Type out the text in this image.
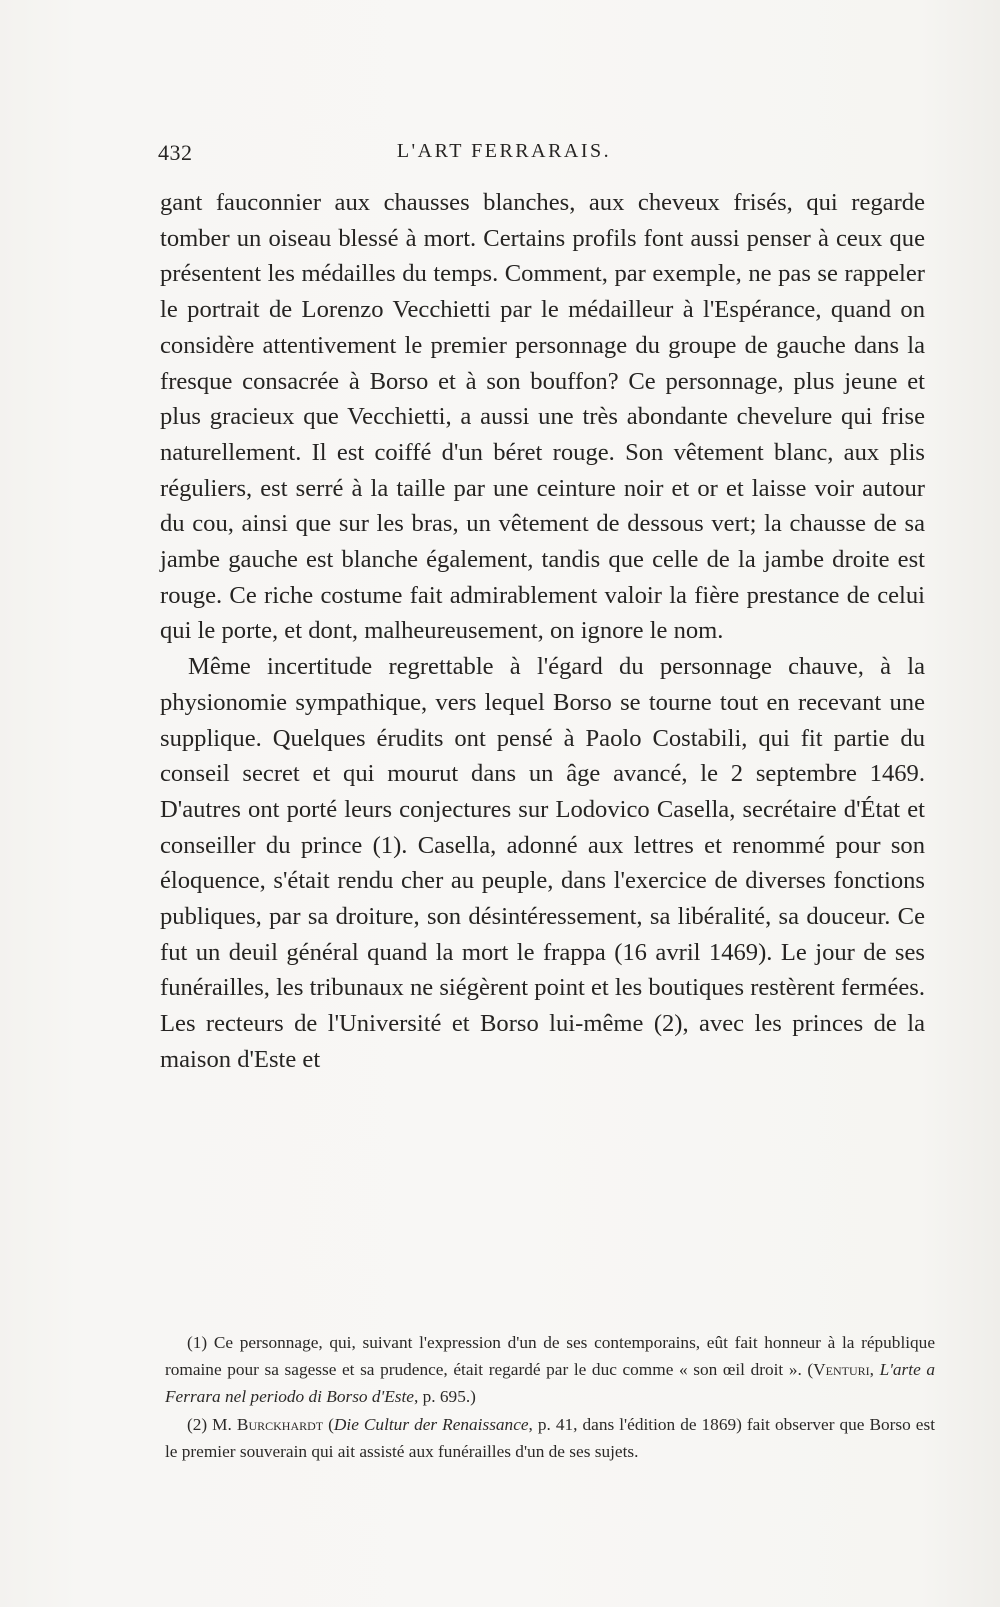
432	L'ART FERRARAIS.

gant fauconnier aux chausses blanches, aux cheveux frisés, qui regarde tomber un oiseau blessé à mort. Certains profils font aussi penser à ceux que présentent les médailles du temps. Comment, par exemple, ne pas se rappeler le portrait de Lorenzo Vecchietti par le médailleur à l'Espérance, quand on considère attentivement le premier personnage du groupe de gauche dans la fresque consacrée à Borso et à son bouffon? Ce personnage, plus jeune et plus gracieux que Vecchietti, a aussi une très abondante chevelure qui frise naturellement. Il est coiffé d'un béret rouge. Son vêtement blanc, aux plis réguliers, est serré à la taille par une ceinture noir et or et laisse voir autour du cou, ainsi que sur les bras, un vêtement de dessous vert; la chausse de sa jambe gauche est blanche également, tandis que celle de la jambe droite est rouge. Ce riche costume fait admirablement valoir la fière prestance de celui qui le porte, et dont, malheureusement, on ignore le nom.

Même incertitude regrettable à l'égard du personnage chauve, à la physionomie sympathique, vers lequel Borso se tourne tout en recevant une supplique. Quelques érudits ont pensé à Paolo Costabili, qui fit partie du conseil secret et qui mourut dans un âge avancé, le 2 septembre 1469. D'autres ont porté leurs conjectures sur Lodovico Casella, secrétaire d'État et conseiller du prince (1). Casella, adonné aux lettres et renommé pour son éloquence, s'était rendu cher au peuple, dans l'exercice de diverses fonctions publiques, par sa droiture, son désintéressement, sa libéralité, sa douceur. Ce fut un deuil général quand la mort le frappa (16 avril 1469). Le jour de ses funérailles, les tribunaux ne siégèrent point et les boutiques restèrent fermées. Les recteurs de l'Université et Borso lui-même (2), avec les princes de la maison d'Este et

(1) Ce personnage, qui, suivant l'expression d'un de ses contemporains, eût fait honneur à la république romaine pour sa sagesse et sa prudence, était regardé par le duc comme « son œil droit ». (Venturi, L'arte a Ferrara nel periodo di Borso d'Este, p. 695.)

(2) M. Burckhardt (Die Cultur der Renaissance, p. 41, dans l'édition de 1869) fait observer que Borso est le premier souverain qui ait assisté aux funérailles d'un de ses sujets.
